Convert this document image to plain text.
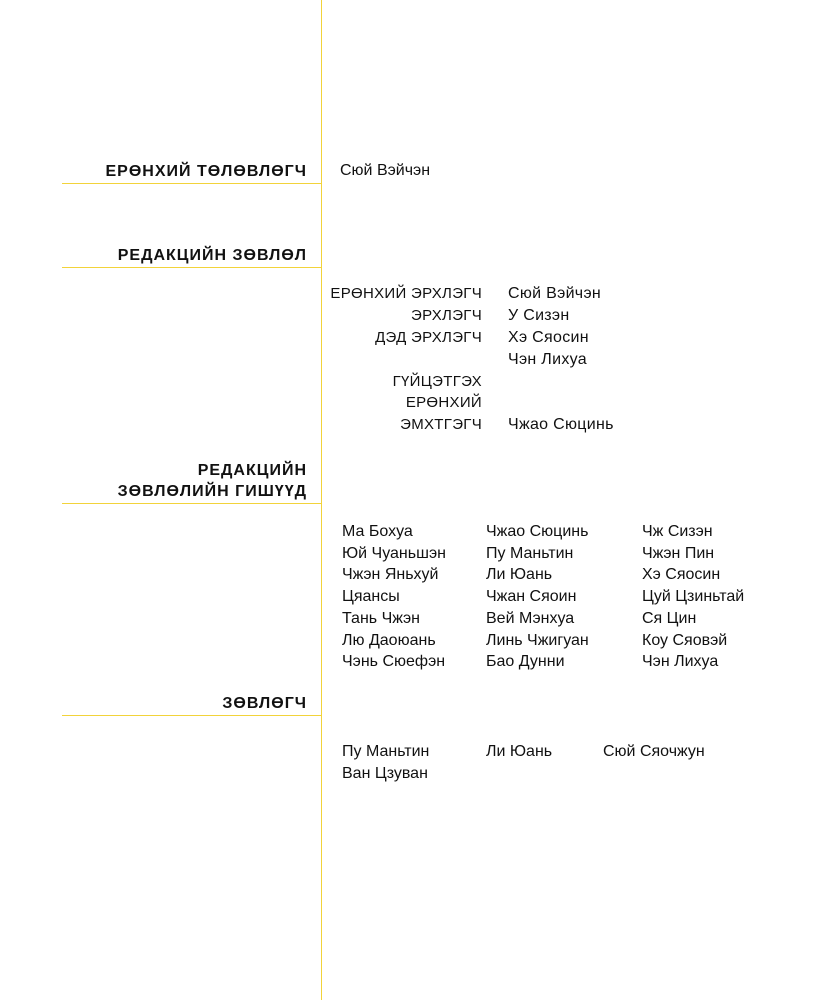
ЕРӨНХИЙ ТӨЛӨВЛӨГЧ Сюй Вэйчэн
РЕДАКЦИЙН ЗӨВЛӨЛ
ЕРӨНХИЙ ЭРХЛЭГЧ Сюй Вэйчэн
ЭРХЛЭГЧ У Сизэн
ДЭД ЭРХЛЭГЧ Хэ Сяосин
Чэн Лихуа
ГҮЙЦЭТГЭХ
ЕРӨНХИЙ
ЭМХТГЭГЧ Чжао Сюцинь
РЕДАКЦИЙН
ЗӨВЛӨЛИЙН ГИШҮҮД
Ма Бохуа
Юй Чуаньшэн
Чжэн Яньхуй
Цяансы
Тань Чжэн
Лю Даоюань
Чэнь Сюефэн
Чжао Сюцинь
Пу Маньтин
Ли Юань
Чжан Сяоин
Вей Мэнхуа
Линь Чжигуан
Бао Дунни
Чж Сизэн
Чжэн Пин
Хэ Сяосин
Цуй Цзиньтай
Ся Цин
Коу Сяовэй
Чэн Лихуа
ЗӨВЛӨГЧ
Пу Маньтин	Ли Юань	Сюй Сяочжун
Ван Цзуван
